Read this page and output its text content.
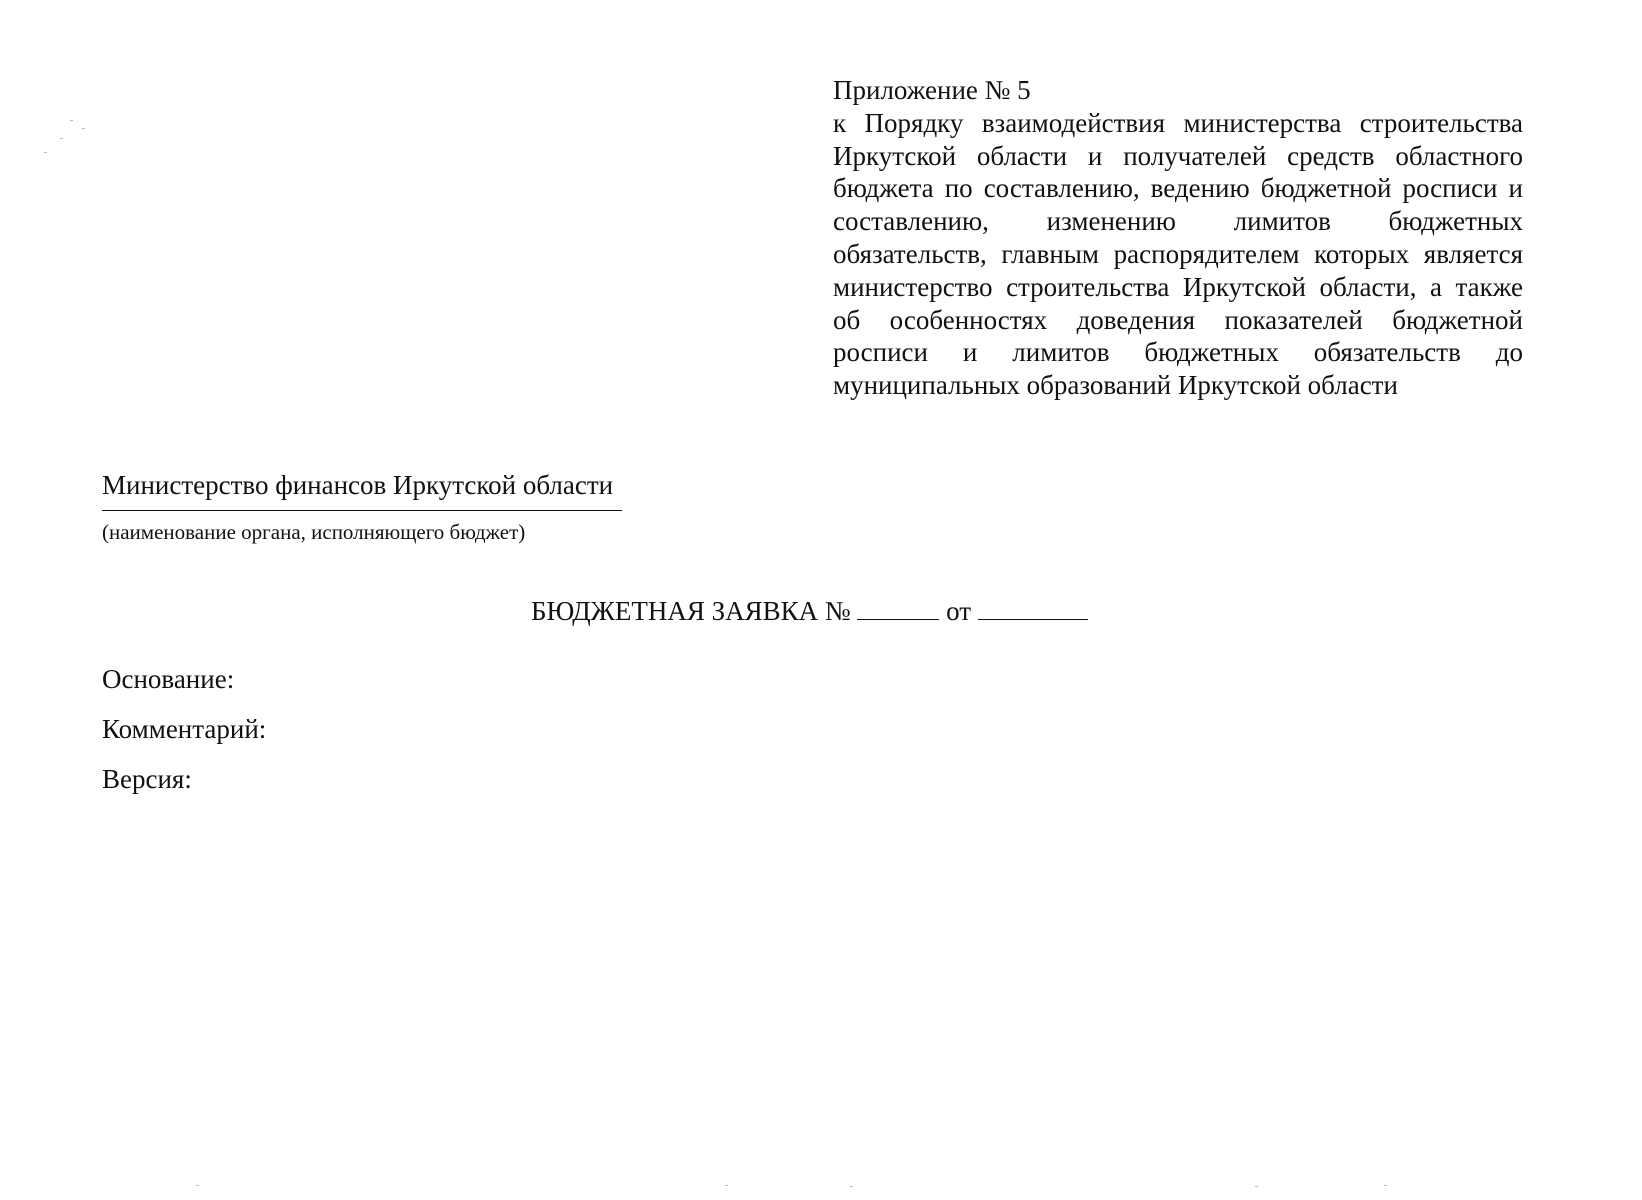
Приложение № 5
к Порядку взаимодействия министерства строительства Иркутской области и получателей средств областного бюджета по составлению, ведению бюджетной росписи и составлению, изменению лимитов бюджетных обязательств, главным распорядителем которых является министерство строительства Иркутской области, а также об особенностях доведения показателей бюджетной росписи и лимитов бюджетных обязательств до муниципальных образований Иркутской области
Министерство финансов Иркутской области
(наименование органа, исполняющего бюджет)
БЮДЖЕТНАЯ ЗАЯВКА №	от
Основание:
Комментарий:
Версия:
